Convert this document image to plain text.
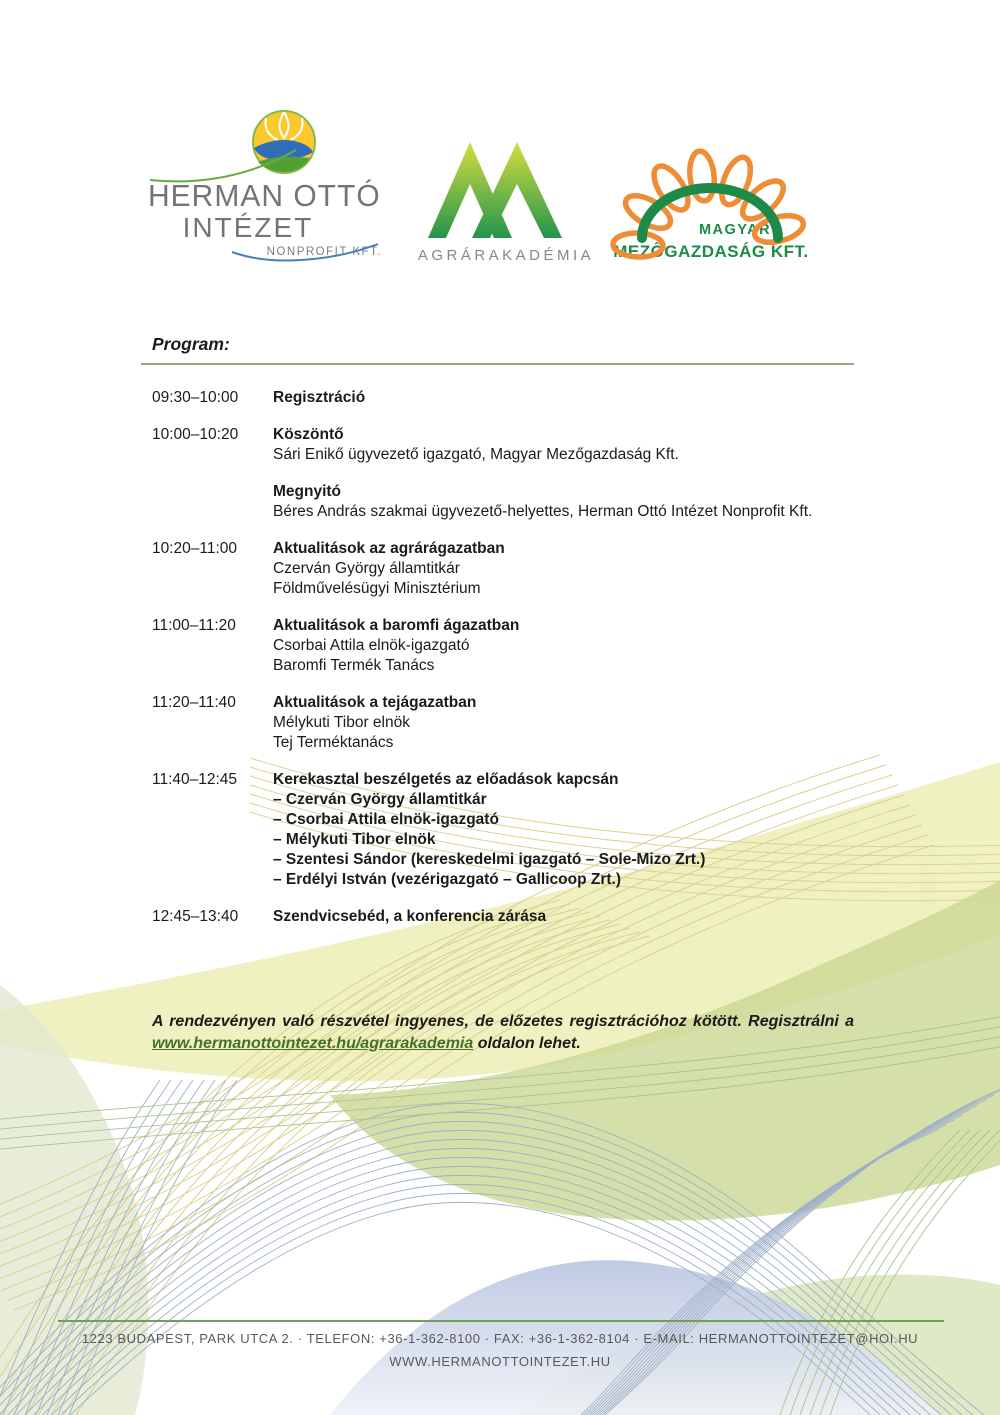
HERMAN OTTÓ
INTÉZET
NONPROFIT KFT.	AGRÁRAKADÉMIA
MAGYAR
MEZŐGAZDASÁG KFT.
Program:
09:30–10:00	Regisztráció

10:00–10:20	Köszöntő

Sári Enikő ügyvezető igazgató, Magyar Mezőgazdaság Kft.

Megnyitó

Béres András szakmai ügyvezető-helyettes, Herman Ottó Intézet Nonprofit Kft.

10:20–11:00	Aktualitások az agrárágazatban

Czerván György államtitkár

Földművelésügyi Minisztérium

11:00–11:20	Aktualitások a baromfi ágazatban

Csorbai Attila elnök-igazgató

Baromfi Termék Tanács

11:20–11:40	Aktualitások a tejágazatban

Mélykuti Tibor elnök

Tej Terméktanács

11:40–12:45	Kerekasztal beszélgetés az előadások kapcsán

– Czerván György államtitkár

– Csorbai Attila elnök-igazgató

– Mélykuti Tibor elnök

– Szentesi Sándor (kereskedelmi igazgató – Sole-Mizo Zrt.)

– Erdélyi István (vezérigazgató – Gallicoop Zrt.)

12:45–13:40	Szendvicsebéd, a konferencia zárása

A rendezvényen való részvétel ingyenes, de előzetes regisztrációhoz kötött. Regisztrálni a www.hermanottointezet.hu/agrarakademia oldalon lehet.
1223 BUDAPEST, PARK UTCA 2. · TELEFON: +36-1-362-8100 · FAX: +36-1-362-8104 · E-MAIL: HERMANOTTOINTEZET@HOI.HU
WWW.HERMANOTTOINTEZET.HU
